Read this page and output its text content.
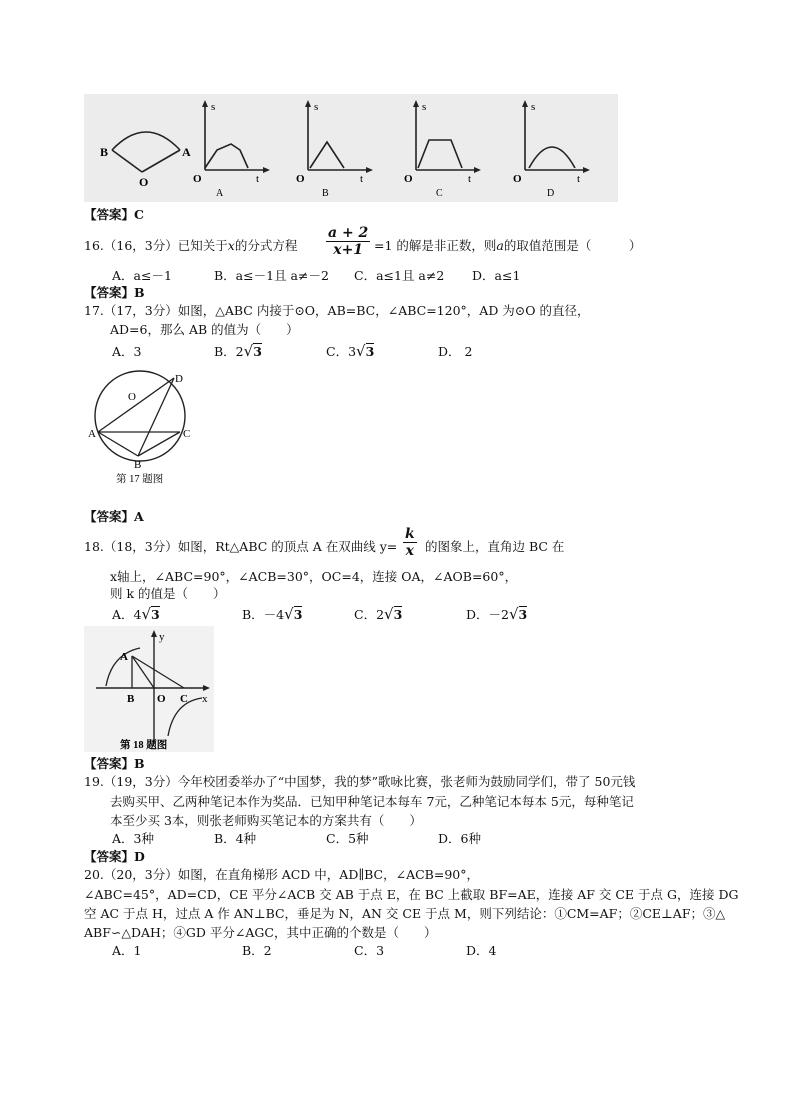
B	A
O
s
t
O
A
s
t
O
B
s
t
O
C
s
t
O
D
【答案】C
16.（16，3分）已知关于x的分式方程 $\frac{a + 2}{x+1} =1$ 的解是非正数，则a的取值范围是（　　　）
A．a≤－1	B．a≤－1且 a≠－2 C．a≤1且 a≠2 D．a≤1
【答案】B
17.（17，3分）如图，△ABC 内接于⊙O，AB=BC，∠ABC=120°，AD 为⊙O 的直径，
AD=6，那么 AB 的值为（　　）
A．3	B．2√3	C．3√3	D． 2
D
O
A	C
B
第 17 题图
【答案】A
18.（18，3分）如图，Rt△ABC 的顶点 A 在双曲线 $y= \frac{k}{x}$ 的图象上，直角边 BC 在
x轴上，∠ABC=90°，∠ACB=30°，OC=4，连接 OA，∠AOB=60°，
则 k 的值是（　　）
A．4√3	B．－4√3	C．2√3	D．－2√3
y
A
B O C x
第 18 题图
【答案】B
19.（19，3分）今年校团委举办了“中国梦，我的梦”歌咏比赛，张老师为鼓励同学们，带了 50元钱
去购买甲、乙两种笔记本作为奖品．已知甲种笔记本每车 7元，乙种笔记本每本 5元，每种笔记
本至少买 3本，则张老师购买笔记本的方案共有（　　）
A．3种	B．4种	C．5种	D．6种
【答案】D
20.（20，3分）如图，在直角梯形 ACD 中，AD∥BC，∠ACB=90°，
∠ABC=45°，AD=CD，CE 平分∠ACB 交 AB 于点 E，在 BC 上截取 BF=AE，连接 AF 交 CE 于点 G，连接 DG
空 AC 于点 H，过点 A 作 AN⊥BC，垂足为 N，AN 交 CE 于点 M，则下列结论：①CM=AF；②CE⊥AF；③△
ABF∽△DAH；④GD 平分∠AGC，其中正确的个数是（　　）
A．1	B．2	C．3	D．4
